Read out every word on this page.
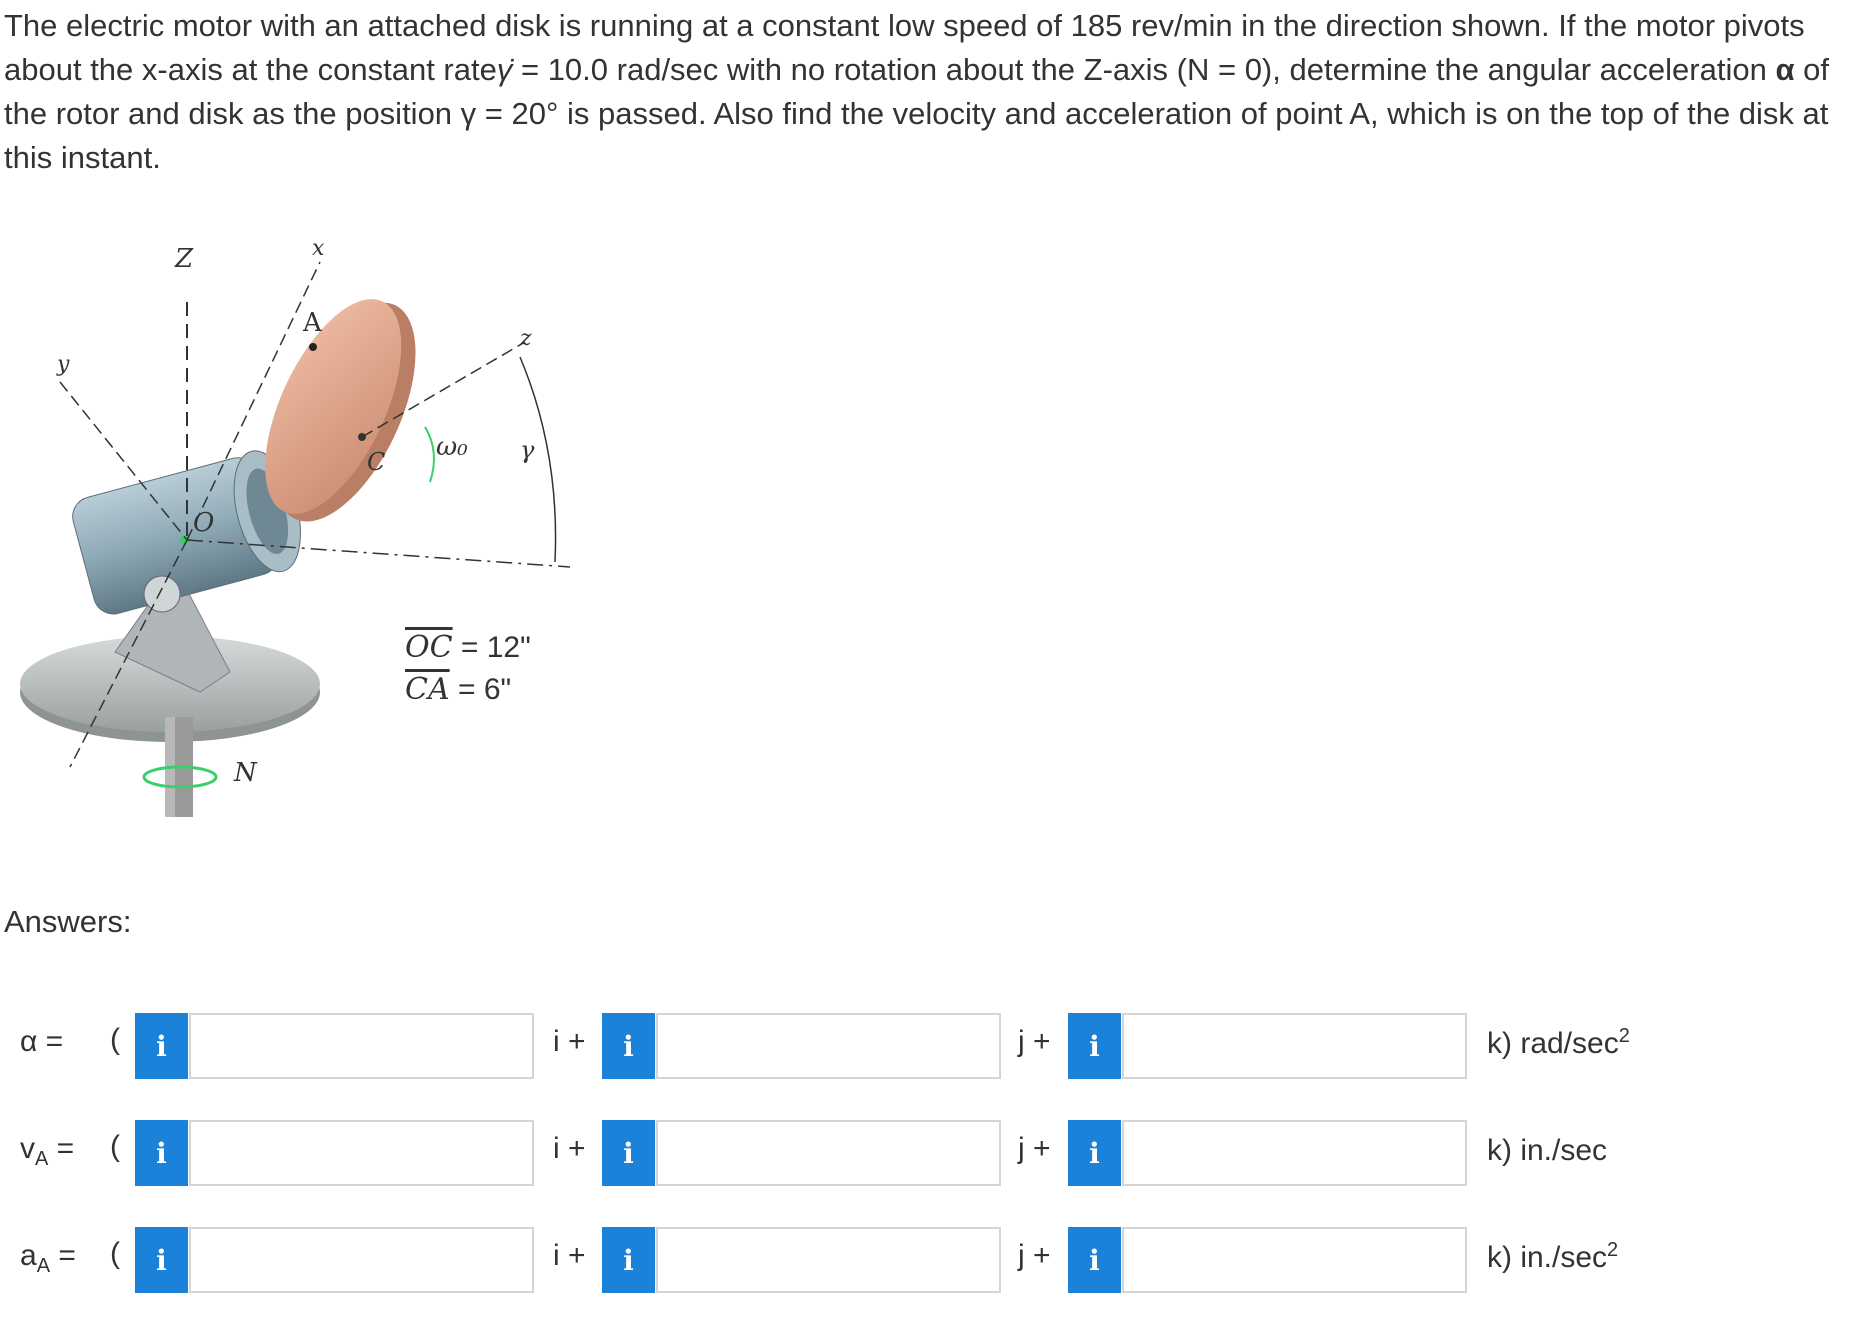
The electric motor with an attached disk is running at a constant low speed of 185 rev/min in the direction shown. If the motor pivots about the x-axis at the constant rateγ̇ = 10.0 rad/sec with no rotation about the Z-axis (N = 0), determine the angular acceleration α of the rotor and disk as the position γ = 20° is passed. Also find the velocity and acceleration of point A, which is on the top of the disk at this instant.

Z	x
A
z
y
O
C ω₀ γ
N
$\overline{OC} = 12$"
$\overline{CA} = 6$"
Answers:
α = (	i	i +	i	j +	i	k) rad/$\sec^2$
$v_A$ = (	i	i +	i	j +	i	k) in./sec
$a_A$ = (	i	i +	i	j +	i	k) $in./\sec^2$
